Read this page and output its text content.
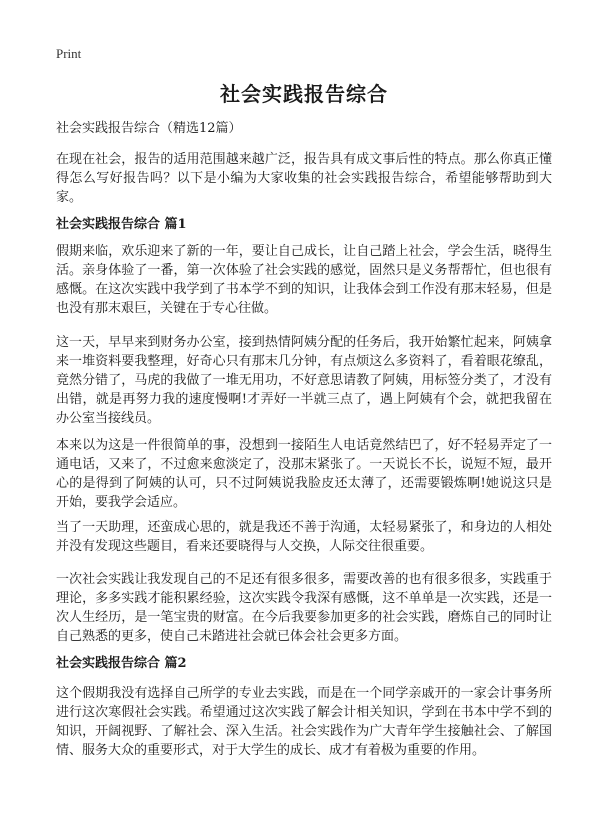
Print
社会实践报告综合

社会实践报告综合（精选12篇）

在现在社会，报告的适用范围越来越广泛，报告具有成文事后性的特点。那么你真正懂得怎么写好报告吗？以下是小编为大家收集的社会实践报告综合，希望能够帮助到大家。

社会实践报告综合 篇1

假期来临，欢乐迎来了新的一年，要让自己成长，让自己踏上社会，学会生活，晓得生活。亲身体验了一番，第一次体验了社会实践的感觉，固然只是义务帮帮忙，但也很有感慨。在这次实践中我学到了书本学不到的知识，让我体会到工作没有那末轻易，但是也没有那末艰巨，关键在于专心往做。

这一天，早早来到财务办公室，接到热情阿姨分配的任务后，我开始繁忙起来，阿姨拿来一堆资料要我整理，好奇心只有那末几分钟，有点烦这么多资料了，看着眼花缭乱，竟然分错了，马虎的我做了一堆无用功，不好意思请教了阿姨，用标签分类了，才没有出错，就是再努力我的速度慢啊!才弄好一半就三点了，遇上阿姨有个会，就把我留在办公室当接线员。

本来以为这是一件很简单的事，没想到一接陌生人电话竟然结巴了，好不轻易弄定了一通电话，又来了，不过愈来愈淡定了，没那末紧张了。一天说长不长，说短不短，最开心的是得到了阿姨的认可，只不过阿姨说我脸皮还太薄了，还需要锻炼啊!她说这只是开始，要我学会适应。

当了一天助理，还蛮成心思的，就是我还不善于沟通，太轻易紧张了，和身边的人相处并没有发现这些题目，看来还要晓得与人交换，人际交往很重要。

一次社会实践让我发现自己的不足还有很多很多，需要改善的也有很多很多，实践重于理论，多多实践才能积累经验，这次实践令我深有感慨，这不单单是一次实践，还是一次人生经历，是一笔宝贵的财富。在今后我要参加更多的社会实践，磨炼自己的同时让自己熟悉的更多，使自己未踏进社会就已体会社会更多方面。

社会实践报告综合 篇2

这个假期我没有选择自己所学的专业去实践，而是在一个同学亲戚开的一家会计事务所进行这次寒假社会实践。希望通过这次实践了解会计相关知识，学到在书本中学不到的知识，开阔视野、了解社会、深入生活。社会实践作为广大青年学生接触社会、了解国情、服务大众的重要形式，对于大学生的成长、成才有着极为重要的作用。
